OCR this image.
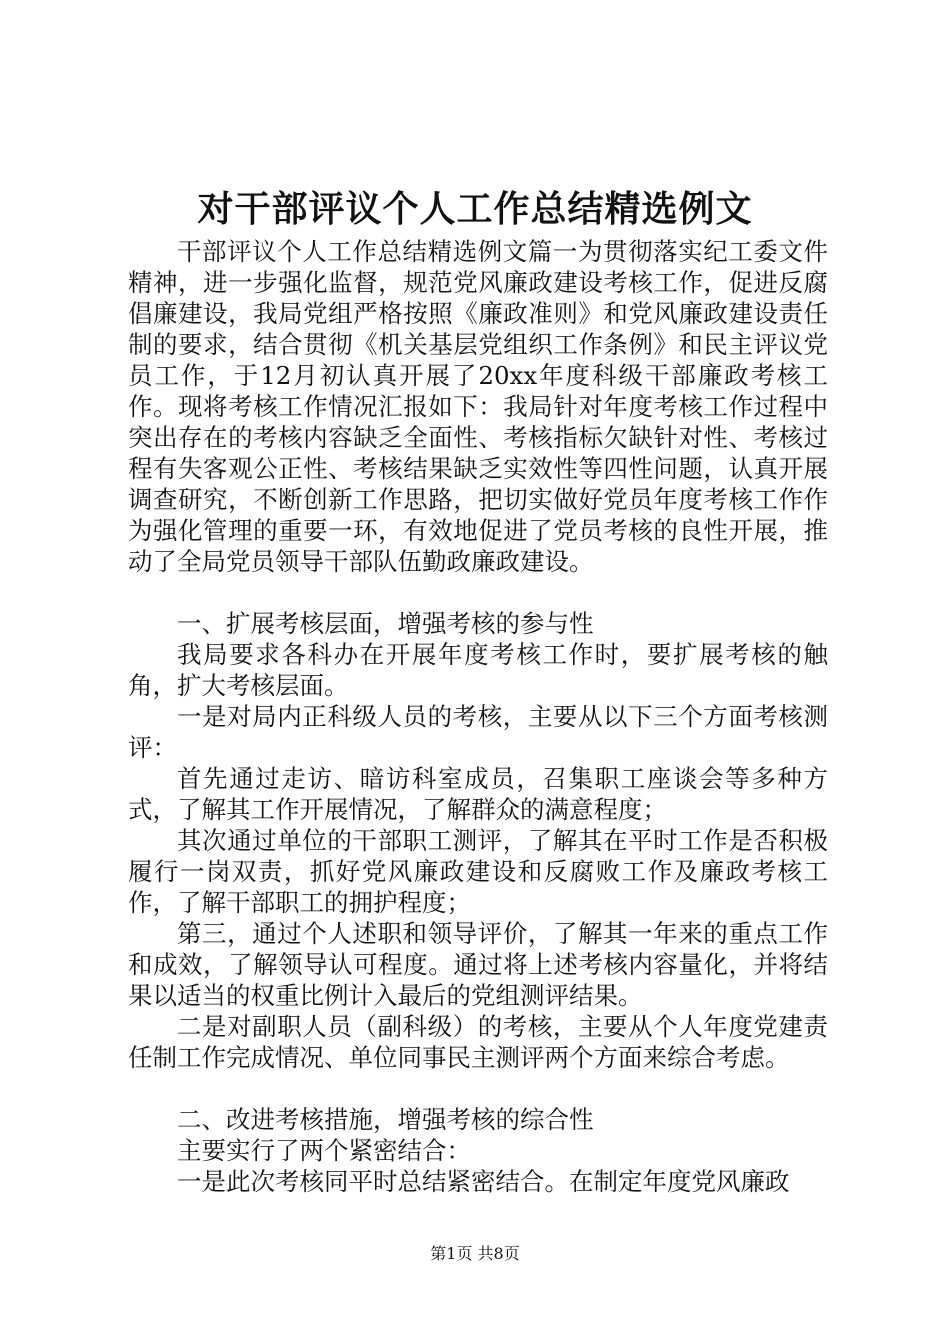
对干部评议个人工作总结精选例文

干部评议个人工作总结精选例文篇一为贯彻落实纪工委文件精神，进一步强化监督，规范党风廉政建设考核工作，促进反腐倡廉建设，我局党组严格按照《廉政准则》和党风廉政建设责任制的要求，结合贯彻《机关基层党组织工作条例》和民主评议党员工作，于12月初认真开展了20xx年度科级干部廉政考核工作。现将考核工作情况汇报如下：我局针对年度考核工作过程中突出存在的考核内容缺乏全面性、考核指标欠缺针对性、考核过程有失客观公正性、考核结果缺乏实效性等四性问题，认真开展调查研究，不断创新工作思路，把切实做好党员年度考核工作作为强化管理的重要一环，有效地促进了党员考核的良性开展，推动了全局党员领导干部队伍勤政廉政建设。

一、扩展考核层面，增强考核的参与性

我局要求各科办在开展年度考核工作时，要扩展考核的触角，扩大考核层面。

一是对局内正科级人员的考核，主要从以下三个方面考核测评：

首先通过走访、暗访科室成员，召集职工座谈会等多种方式，了解其工作开展情况，了解群众的满意程度；

其次通过单位的干部职工测评，了解其在平时工作是否积极履行一岗双责，抓好党风廉政建设和反腐败工作及廉政考核工作，了解干部职工的拥护程度；

第三，通过个人述职和领导评价，了解其一年来的重点工作和成效，了解领导认可程度。通过将上述考核内容量化，并将结果以适当的权重比例计入最后的党组测评结果。

二是对副职人员（副科级）的考核，主要从个人年度党建责任制工作完成情况、单位同事民主测评两个方面来综合考虑。

二、改进考核措施，增强考核的综合性

主要实行了两个紧密结合：

一是此次考核同平时总结紧密结合。在制定年度党风廉政

第1页 共8页
